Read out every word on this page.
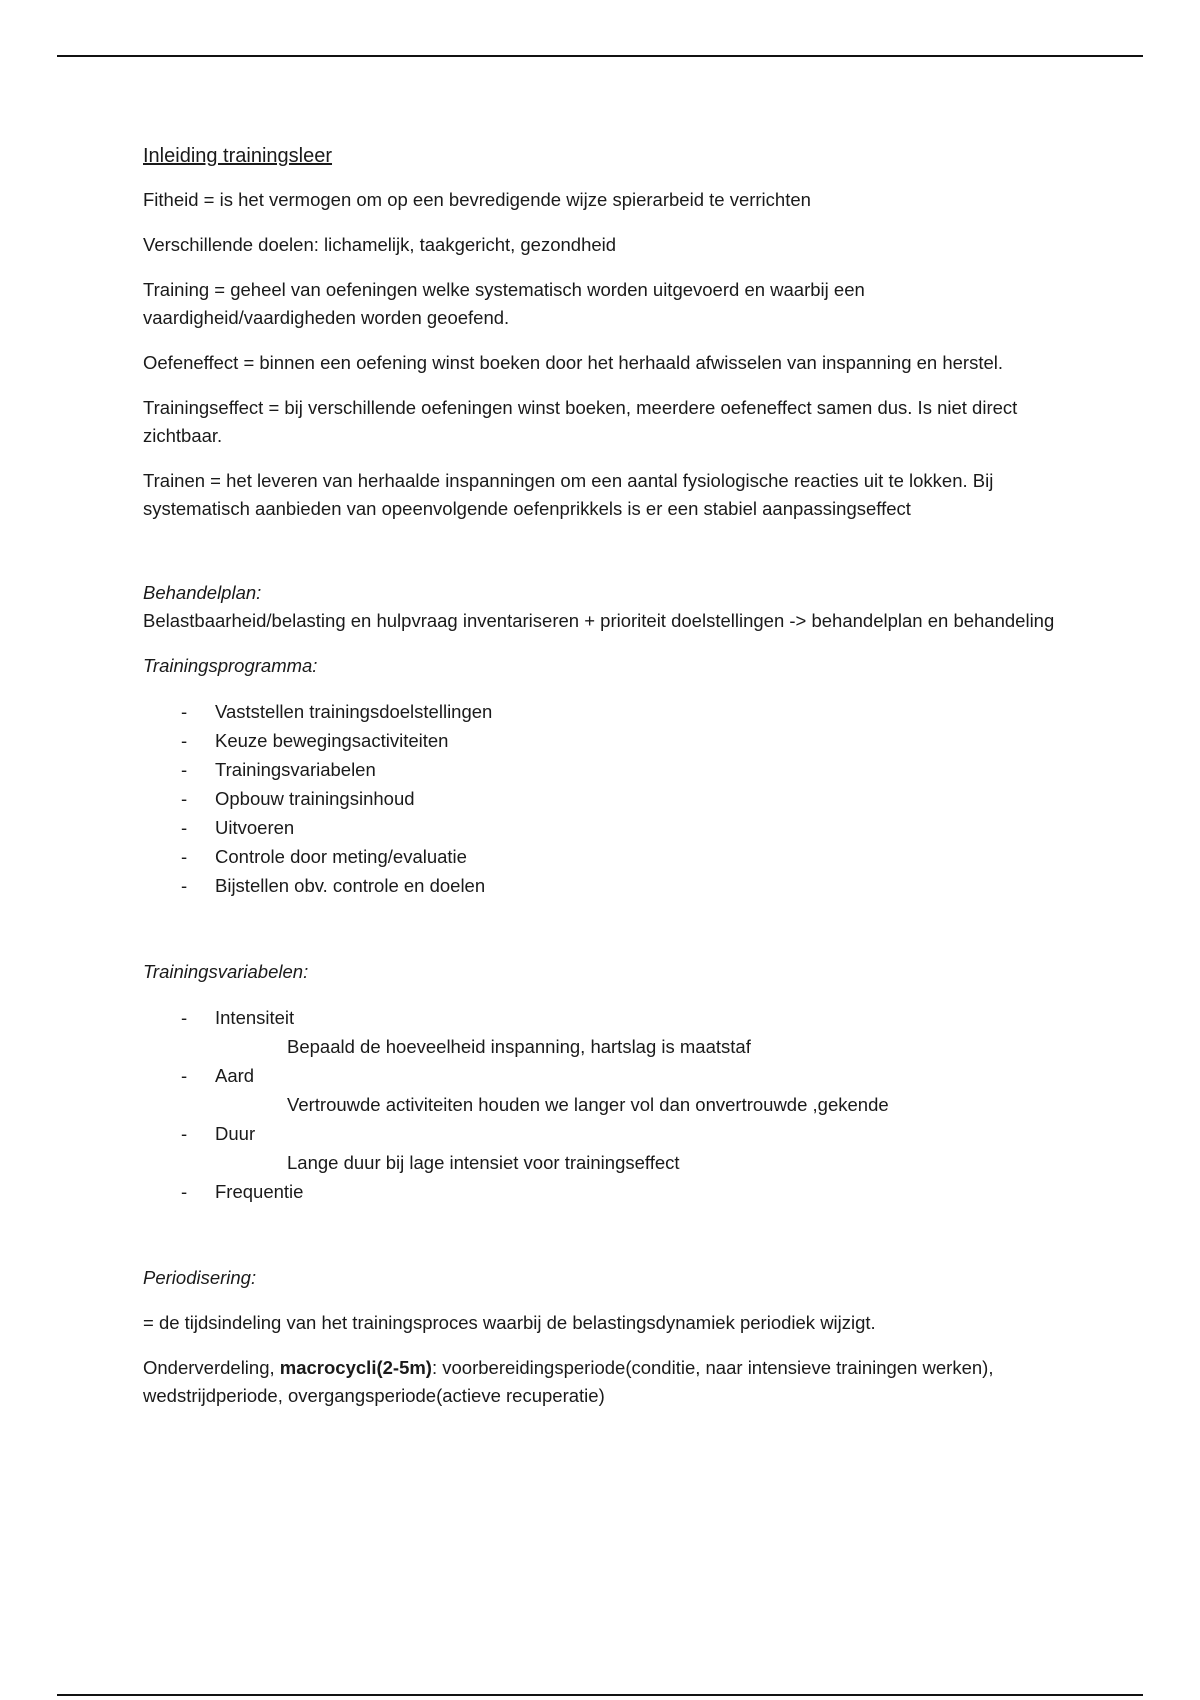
Inleiding trainingsleer

Fitheid = is het vermogen om op een bevredigende wijze spierarbeid te verrichten

Verschillende doelen: lichamelijk, taakgericht, gezondheid

Training = geheel van oefeningen welke systematisch worden uitgevoerd en waarbij een vaardigheid/vaardigheden worden geoefend.

Oefeneffect = binnen een oefening winst boeken door het herhaald afwisselen van inspanning en herstel.

Trainingseffect = bij verschillende oefeningen winst boeken, meerdere oefeneffect samen dus. Is niet direct zichtbaar.

Trainen = het leveren van herhaalde inspanningen om een aantal fysiologische reacties uit te lokken. Bij systematisch aanbieden van opeenvolgende oefenprikkels is er een stabiel aanpassingseffect

Behandelplan:

Belastbaarheid/belasting en hulpvraag inventariseren + prioriteit doelstellingen -> behandelplan en behandeling

Trainingsprogramma:

- Vaststellen trainingsdoelstellingen
- Keuze bewegingsactiviteiten
- Trainingsvariabelen
- Opbouw trainingsinhoud
- Uitvoeren
- Controle door meting/evaluatie
- Bijstellen obv. controle en doelen

Trainingsvariabelen:

- Intensiteit
Bepaald de hoeveelheid inspanning, hartslag is maatstaf
- Aard
Vertrouwde activiteiten houden we langer vol dan onvertrouwde ,gekende
- Duur
Lange duur bij lage intensiet voor trainingseffect
- Frequentie

Periodisering:

= de tijdsindeling van het trainingsproces waarbij de belastingsdynamiek periodiek wijzigt.

Onderverdeling, macrocycli(2-5m): voorbereidingsperiode(conditie, naar intensieve trainingen werken), wedstrijdperiode, overgangsperiode(actieve recuperatie)
